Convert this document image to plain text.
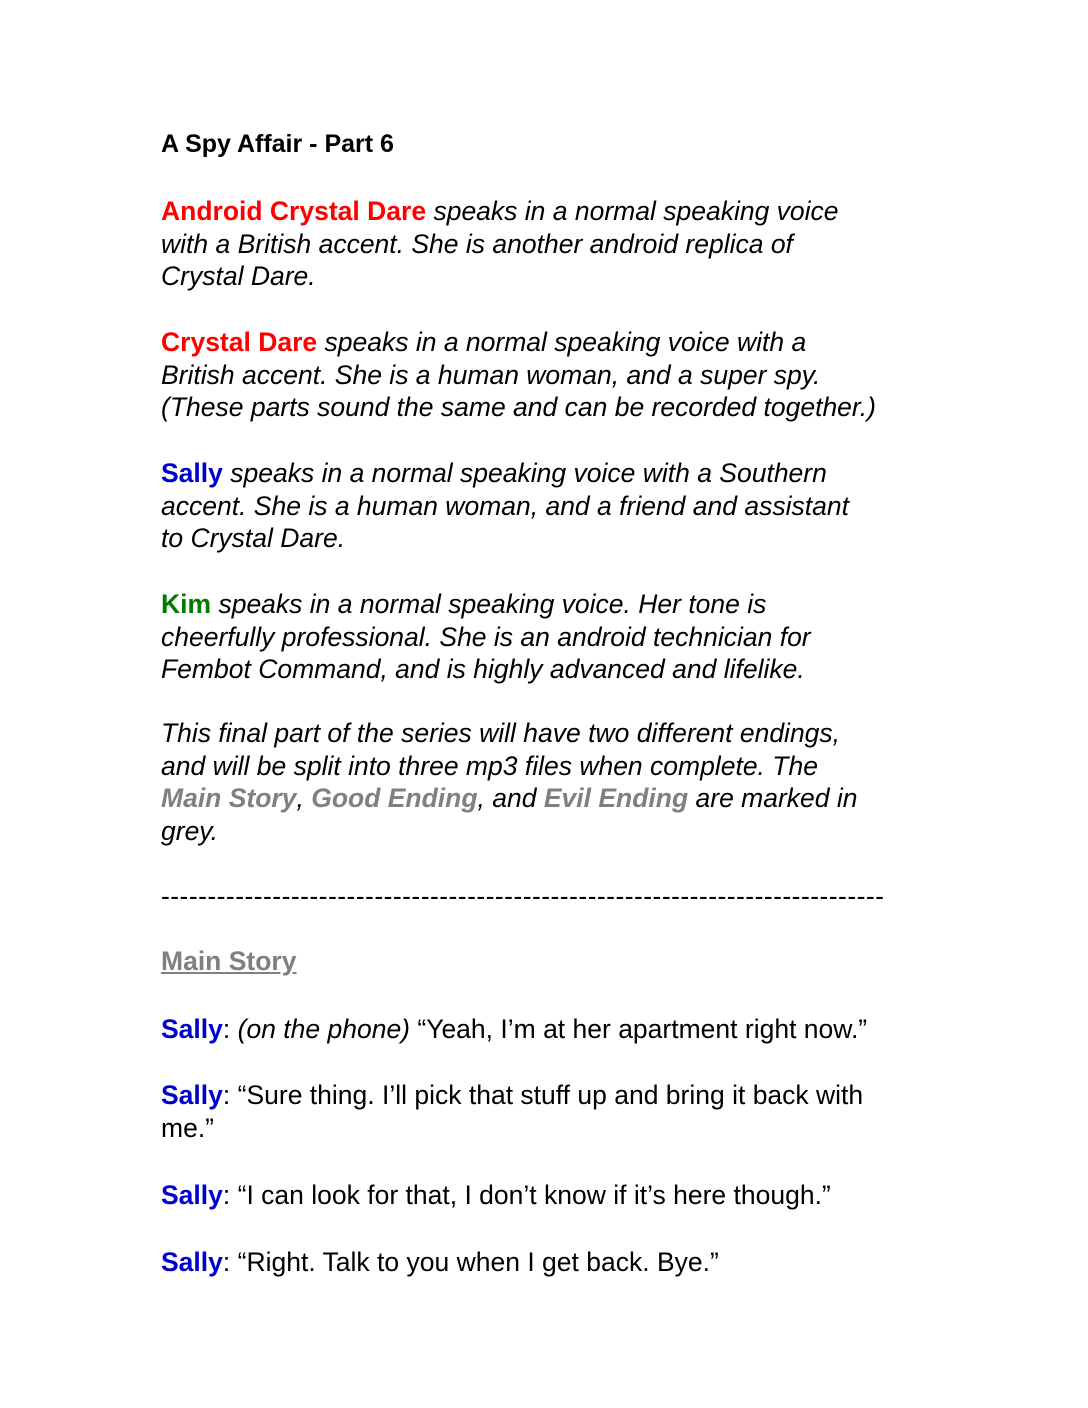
A Spy Affair - Part 6

Android Crystal Dare speaks in a normal speaking voice
with a British accent. She is another android replica of
Crystal Dare.

Crystal Dare speaks in a normal speaking voice with a
British accent. She is a human woman, and a super spy.
(These parts sound the same and can be recorded together.)

Sally speaks in a normal speaking voice with a Southern
accent. She is a human woman, and a friend and assistant
to Crystal Dare.

Kim speaks in a normal speaking voice. Her tone is
cheerfully professional. She is an android technician for
Fembot Command, and is highly advanced and lifelike.

This final part of the series will have two different endings,
and will be split into three mp3 files when complete. The
Main Story, Good Ending, and Evil Ending are marked in
grey.

------------------------------------------------------------------------------

Main Story

Sally: (on the phone) “Yeah, I’m at her apartment right now.”

Sally: “Sure thing. I’ll pick that stuff up and bring it back with
me.”

Sally: “I can look for that, I don’t know if it’s here though.”

Sally: “Right. Talk to you when I get back. Bye.”
